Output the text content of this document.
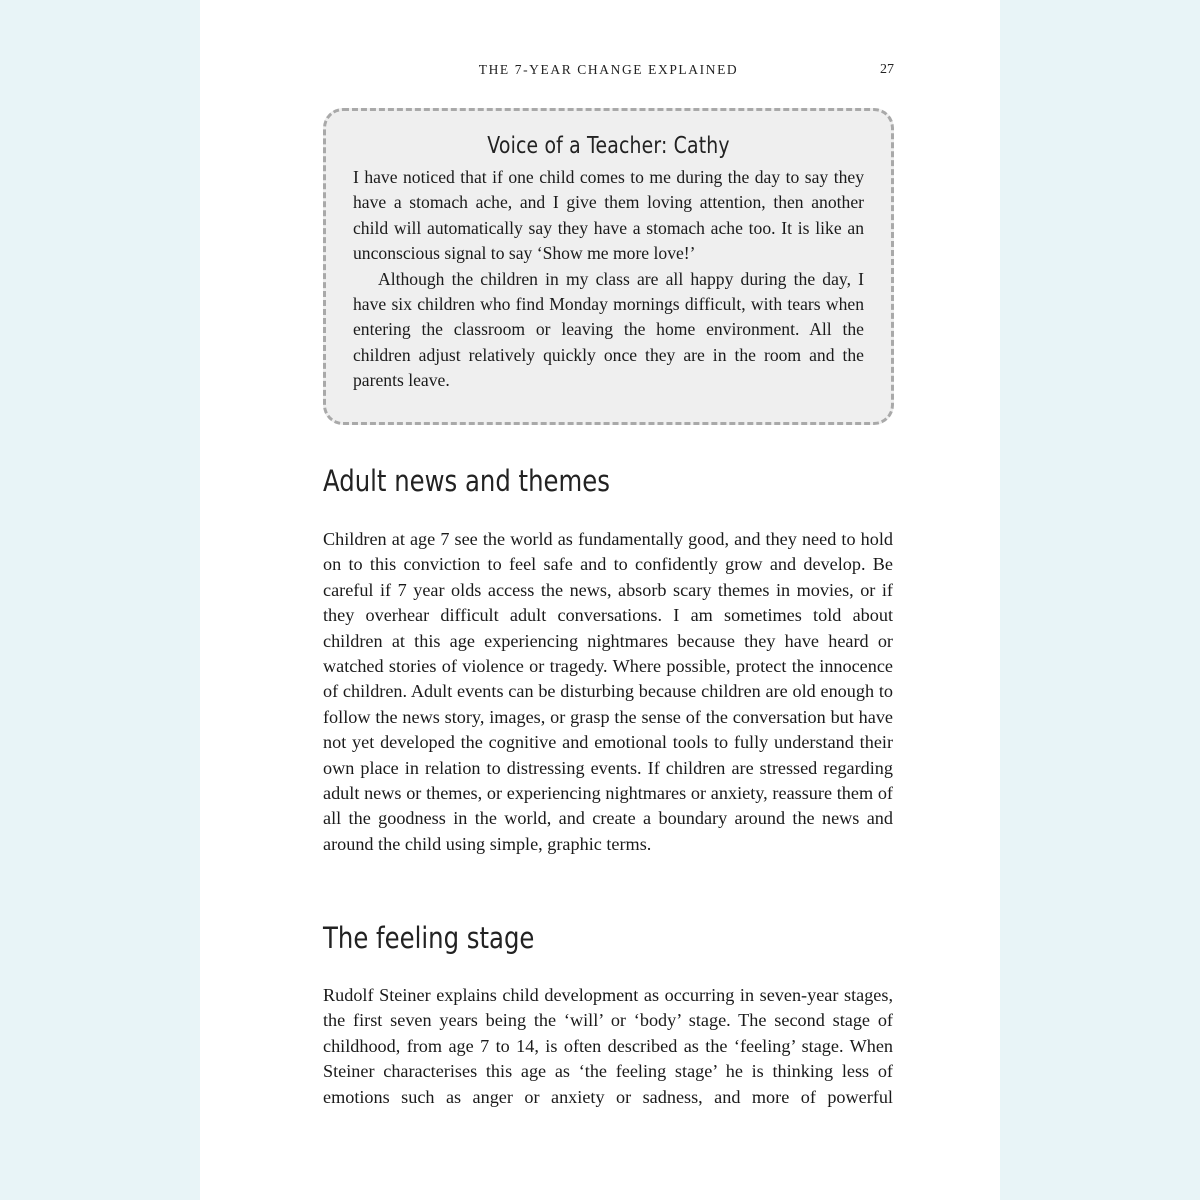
THE 7-YEAR CHANGE EXPLAINED	27
Voice of a Teacher: Cathy

I have noticed that if one child comes to me during the day to say they have a stomach ache, and I give them loving attention, then another child will automatically say they have a stomach ache too. It is like an unconscious signal to say ‘Show me more love!’

Although the children in my class are all happy during the day, I have six children who find Monday mornings difficult, with tears when entering the classroom or leaving the home environment. All the children adjust relatively quickly once they are in the room and the parents leave.

Adult news and themes

Children at age 7 see the world as fundamentally good, and they need to hold on to this conviction to feel safe and to confidently grow and develop. Be careful if 7 year olds access the news, absorb scary themes in movies, or if they overhear difficult adult conversations. I am sometimes told about children at this age experiencing nightmares because they have heard or watched stories of violence or tragedy. Where possible, protect the innocence of children. Adult events can be disturbing because children are old enough to follow the news story, images, or grasp the sense of the conversation but have not yet developed the cognitive and emotional tools to fully understand their own place in relation to distressing events. If children are stressed regarding adult news or themes, or experiencing nightmares or anxiety, reassure them of all the goodness in the world, and create a boundary around the news and around the child using simple, graphic terms.

The feeling stage

Rudolf Steiner explains child development as occurring in seven-year stages, the first seven years being the ‘will’ or ‘body’ stage. The second stage of childhood, from age 7 to 14, is often described as the ‘feeling’ stage. When Steiner characterises this age as ‘the feeling stage’ he is thinking less of emotions such as anger or anxiety or sadness, and more of powerful
